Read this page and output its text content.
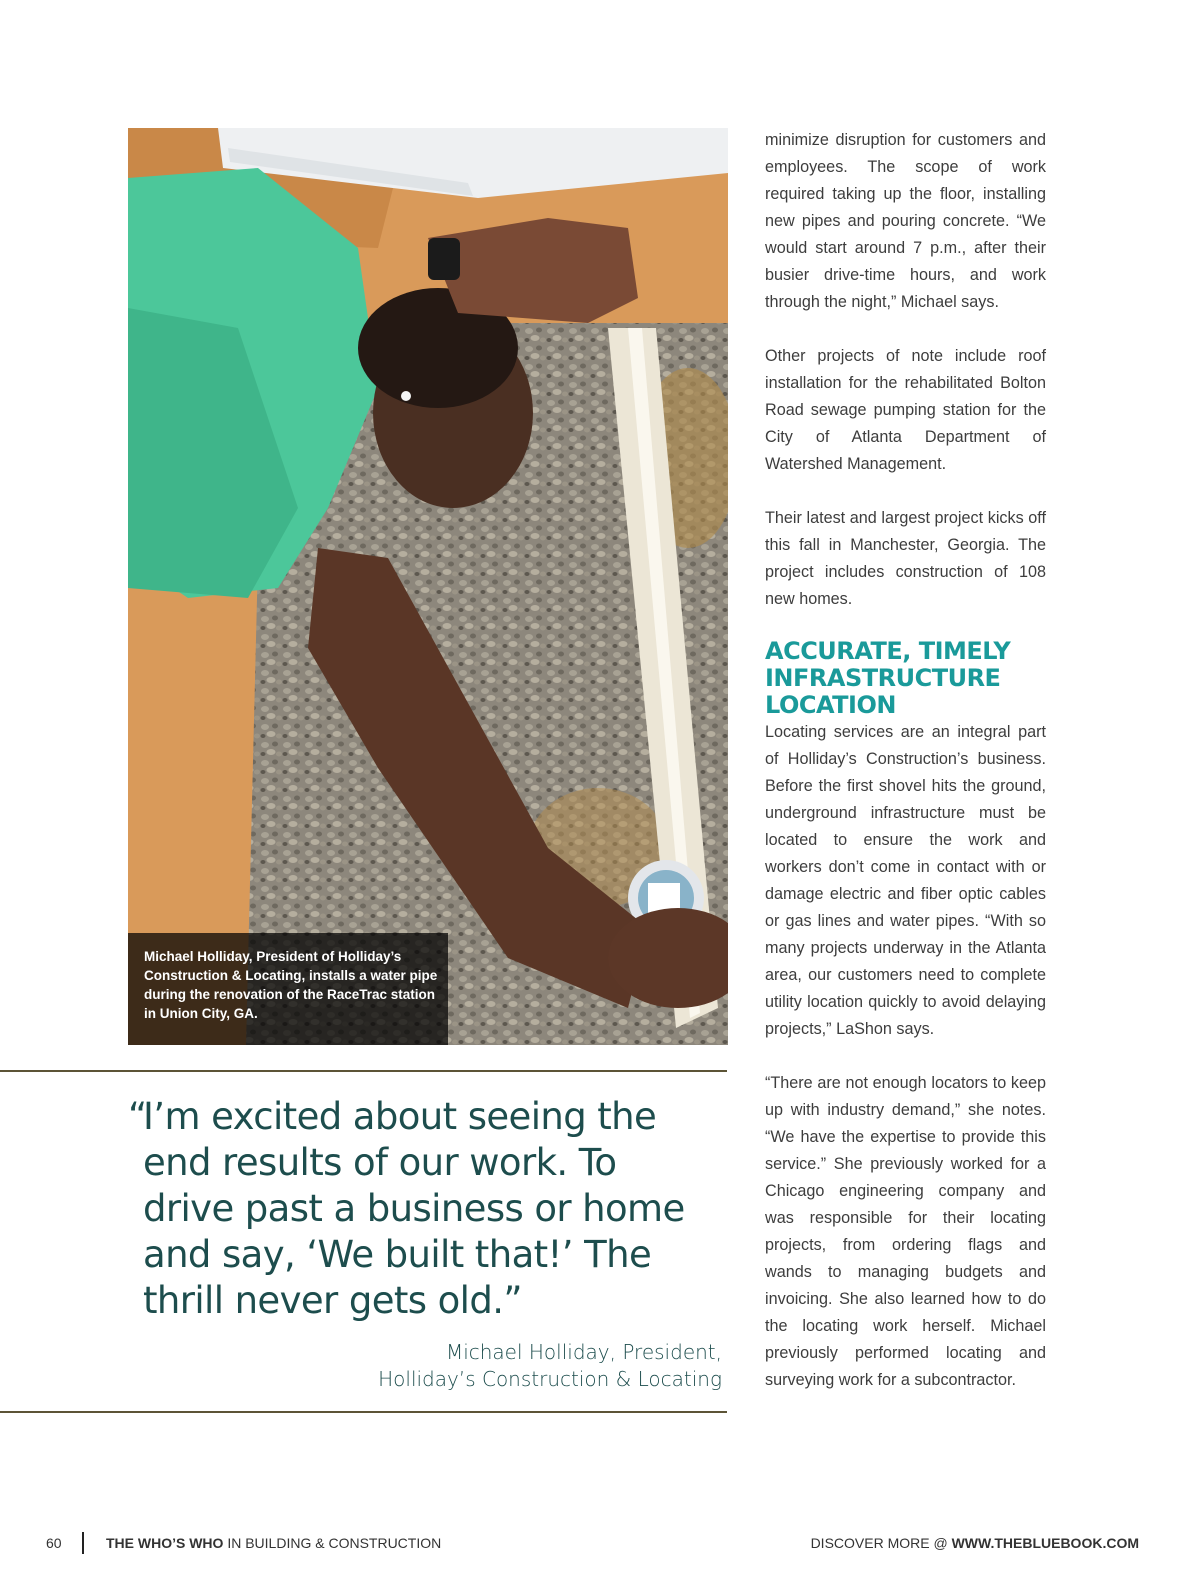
Michael Holliday, President of Holliday’s Construction & Locating, installs a water pipe during the renovation of the RaceTrac station in Union City, GA.

minimize disruption for customers and employees. The scope of work required taking up the floor, installing new pipes and pouring concrete. “We would start around 7 p.m., after their busier drive-time hours, and work through the night,” Michael says.

Other projects of note include roof installation for the rehabilitated Bolton Road sewage pumping station for the City of Atlanta Department of Watershed Management.

Their latest and largest project kicks off this fall in Manchester, Georgia. The project includes construction of 108 new homes.

ACCURATE, TIMELY INFRASTRUCTURE LOCATION

Locating services are an integral part of Holliday’s Construction’s business. Before the first shovel hits the ground, underground infrastructure must be located to ensure the work and workers don’t come in contact with or damage electric and fiber optic cables or gas lines and water pipes. “With so many projects underway in the Atlanta area, our customers need to complete utility location quickly to avoid delaying projects,” LaShon says.

“There are not enough locators to keep up with industry demand,” she notes. “We have the expertise to provide this service.” She previously worked for a Chicago engineering company and was responsible for their locating projects, from ordering flags and wands to managing budgets and invoicing. She also learned how to do the locating work herself. Michael previously performed locating and surveying work for a subcontractor.

“
I’m excited about seeing the end results of our work. To drive past a business or home and say, ‘We built that!’ The thrill never gets old.”
Michael Holliday, President,
Holliday’s Construction & Locating
60	THE WHO’S WHO IN BUILDING & CONSTRUCTION	DISCOVER MORE @ WWW.THEBLUEBOOK.COM
